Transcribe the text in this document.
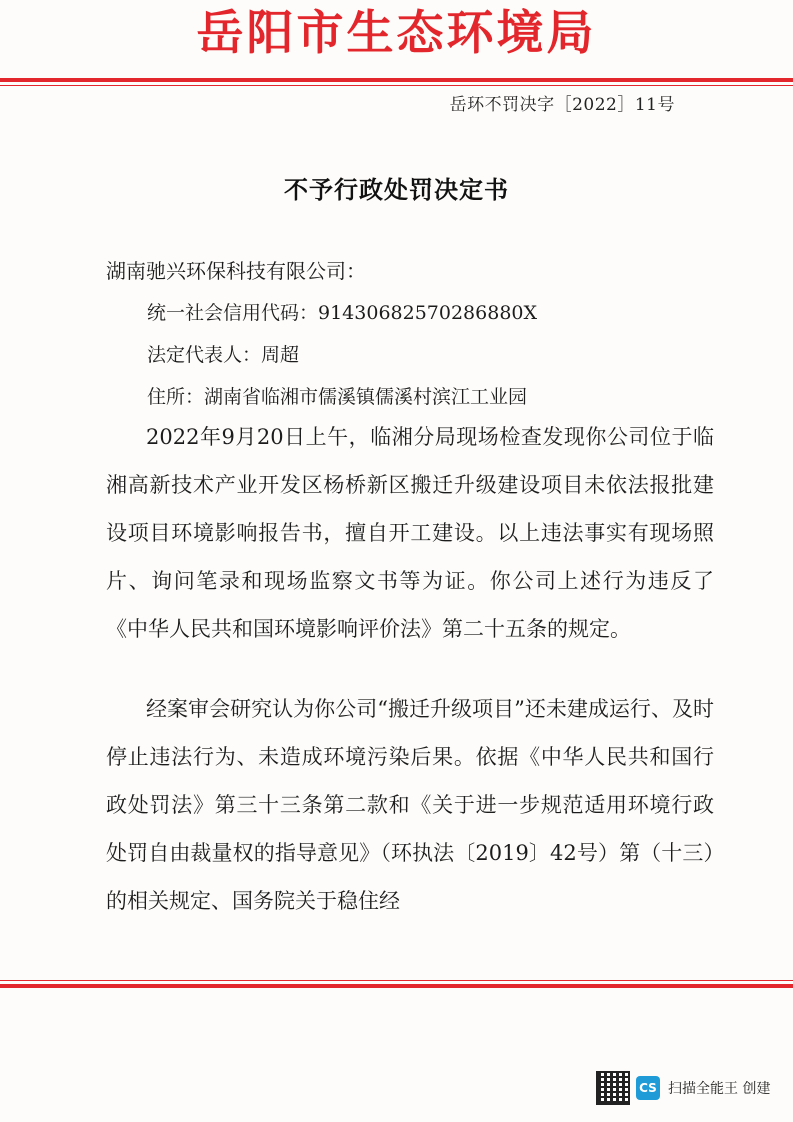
岳阳市生态环境局
岳环不罚决字［2022］11号
不予行政处罚决定书
湖南驰兴环保科技有限公司：
统一社会信用代码：91430682570286880X
法定代表人：周超
住所：湖南省临湘市儒溪镇儒溪村滨江工业园
2022年9月20日上午，临湘分局现场检查发现你公司位于临湘高新技术产业开发区杨桥新区搬迁升级建设项目未依法报批建设项目环境影响报告书，擅自开工建设。以上违法事实有现场照片、询问笔录和现场监察文书等为证。你公司上述行为违反了《中华人民共和国环境影响评价法》第二十五条的规定。
经案审会研究认为你公司“搬迁升级项目”还未建成运行、及时停止违法行为、未造成环境污染后果。依据《中华人民共和国行政处罚法》第三十三条第二款和《关于进一步规范适用环境行政处罚自由裁量权的指导意见》（环执法〔2019〕42号）第（十三）的相关规定、国务院关于稳住经
CS 扫描全能王 创建
